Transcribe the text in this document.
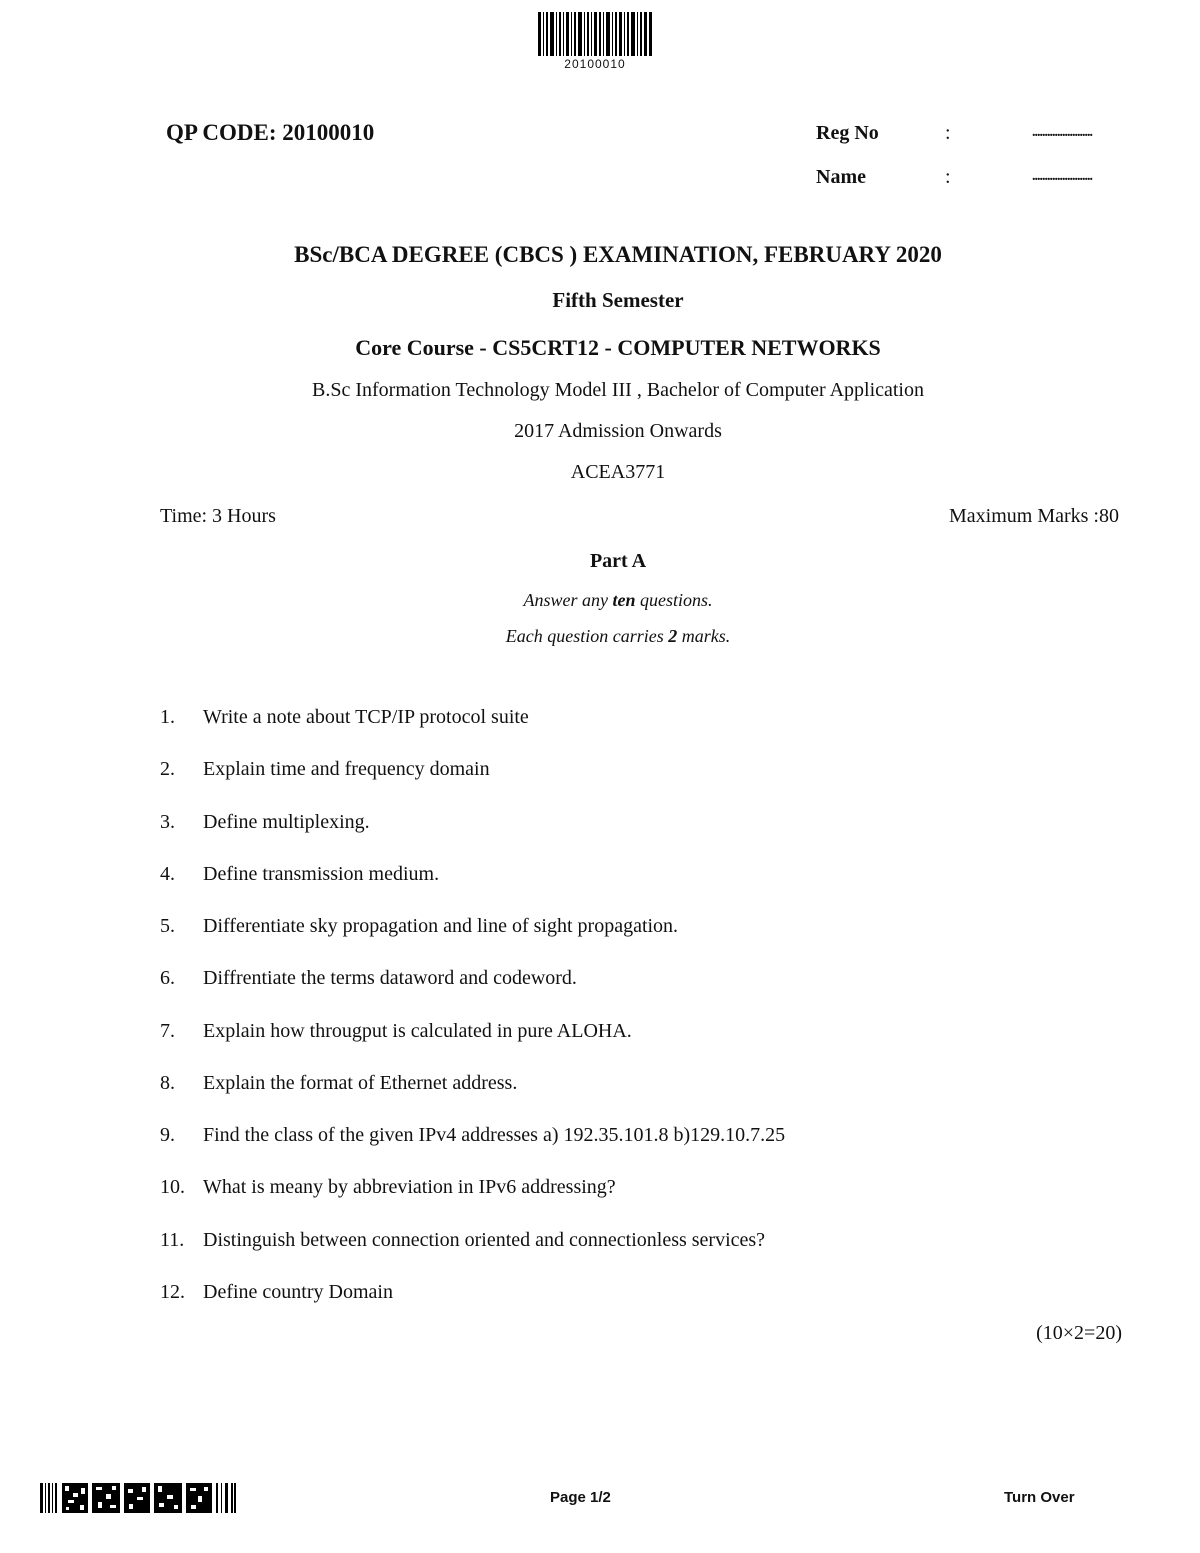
20100010
QP CODE: 20100010	Reg No	:	........................
Name	:	........................
BSc/BCA DEGREE (CBCS ) EXAMINATION, FEBRUARY 2020
Fifth Semester
Core Course - CS5CRT12 - COMPUTER NETWORKS
B.Sc Information Technology Model III , Bachelor of Computer Application
2017 Admission Onwards
ACEA3771
Time: 3 Hours	Maximum Marks :80
Part A
Answer any ten questions.
Each question carries 2 marks.
1. Write a note about TCP/IP protocol suite
2. Explain time and frequency domain
3. Define multiplexing.
4. Define transmission medium.
5. Differentiate sky propagation and line of sight propagation.
6. Diffrentiate the terms dataword and codeword.
7. Explain how througput is calculated in pure ALOHA.
8. Explain the format of Ethernet address.
9. Find the class of the given IPv4 addresses a) 192.35.101.8 b)129.10.7.25
10. What is meany by abbreviation in IPv6 addressing?
11. Distinguish between connection oriented and connectionless services?
12. Define country Domain
(10×2=20)
Page 1/2	Turn Over
